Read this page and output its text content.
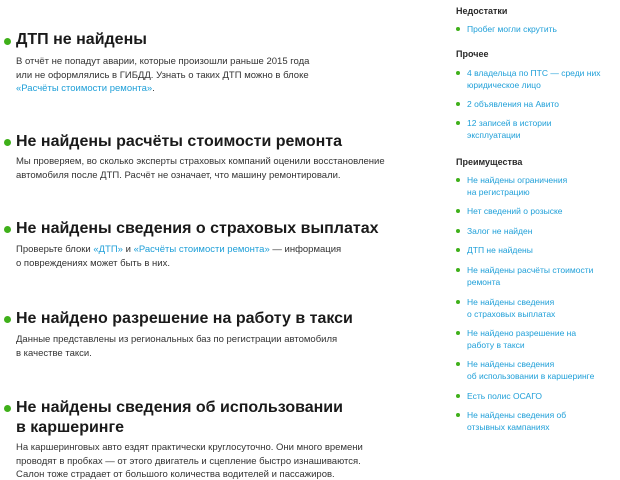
ДТП не найдены
В отчёт не попадут аварии, которые произошли раньше 2015 года
или не оформлялись в ГИБДД. Узнать о таких ДТП можно в блоке
«Расчёты стоимости ремонта».
Не найдены расчёты стоимости ремонта
Мы проверяем, во сколько эксперты страховых компаний оценили восстановление
автомобиля после ДТП. Расчёт не означает, что машину ремонтировали.
Не найдены сведения о страховых выплатах
Проверьте блоки «ДТП» и «Расчёты стоимости ремонта» — информация
о повреждениях может быть в них.
Не найдено разрешение на работу в такси
Данные представлены из региональных баз по регистрации автомобиля
в качестве такси.
Не найдены сведения об использовании
в каршеринге
На каршеринговых авто ездят практически круглосуточно. Они много времени
проводят в пробках — от этого двигатель и сцепление быстро изнашиваются.
Салон тоже страдает от большого количества водителей и пассажиров.
Недостатки
Пробег могли скрутить
Прочее
4 владельца по ПТС — среди них
юридическое лицо
2 объявления на Авито
12 записей в истории
эксплуатации
Преимущества
Не найдены ограничения
на регистрацию
Нет сведений о розыске
Залог не найден
ДТП не найдены
Не найдены расчёты стоимости
ремонта
Не найдены сведения
о страховых выплатах
Не найдено разрешение на
работу в такси
Не найдены сведения
об использовании в каршеринге
Есть полис ОСАГО
Не найдены сведения об
отзывных кампаниях
